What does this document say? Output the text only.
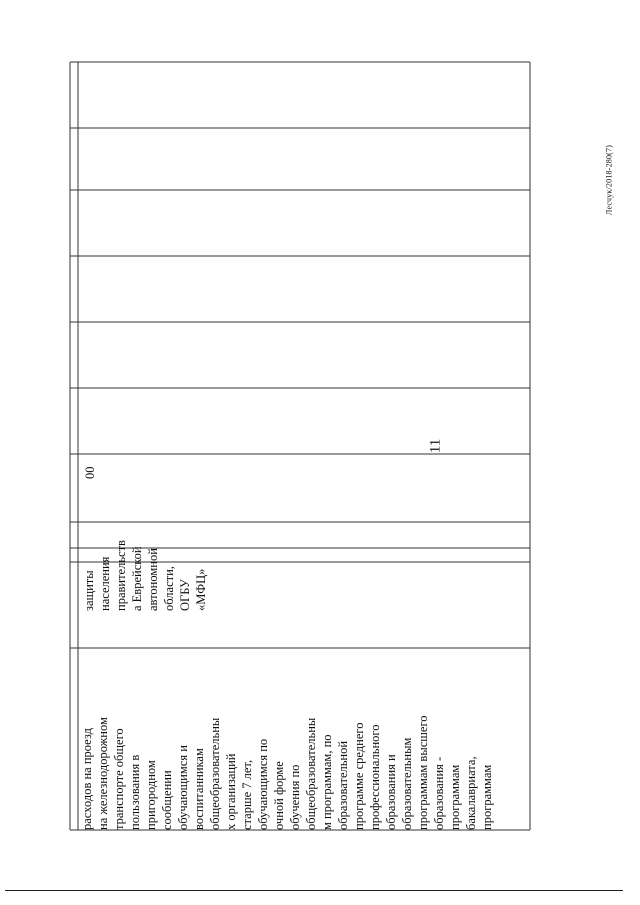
11
Лесчук/2018-280(7)
расходов на проезд на железнодорожном транспорте общего пользования в пригородном сообщении обучающимся и воспитанникам общеобразовательны х организаций старше 7 лет, обучающимся по очной форме обучения по общеобразовательны м программам, по образовательной программе среднего профессионального образования и образовательным программам высшего образования - программам бакалавриата, программам
защиты населения правительств а Еврейской автономной области, ОГБУ «МФЦ»
00
